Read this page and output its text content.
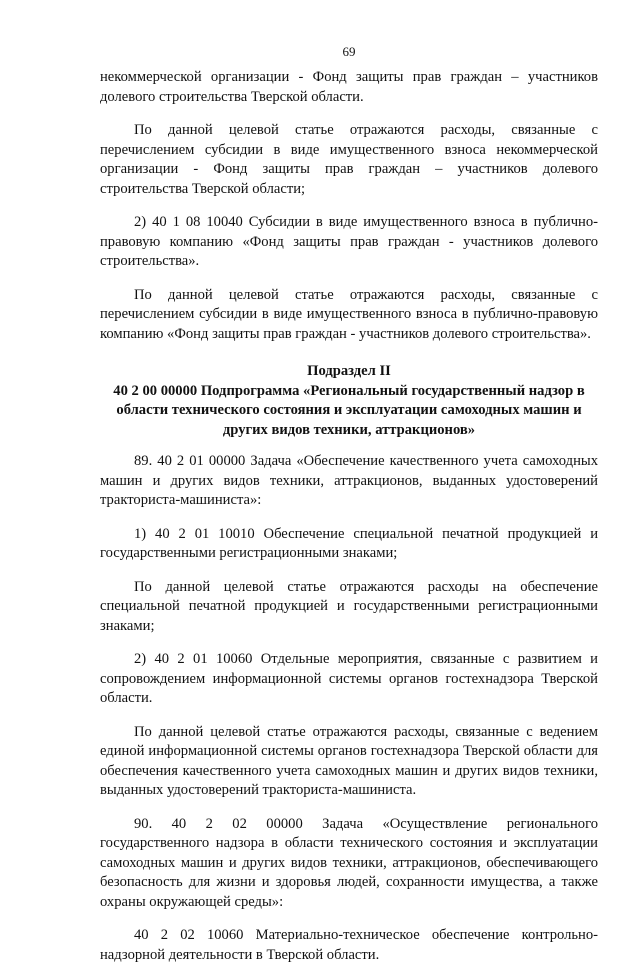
69

некоммерческой организации - Фонд защиты прав граждан – участников долевого строительства Тверской области.

По данной целевой статье отражаются расходы, связанные с перечислением субсидии в виде имущественного взноса некоммерческой организации - Фонд защиты прав граждан – участников долевого строительства Тверской области;

2) 40 1 08 10040 Субсидии в виде имущественного взноса в публично-правовую компанию «Фонд защиты прав граждан - участников долевого строительства».

По данной целевой статье отражаются расходы, связанные с перечислением субсидии в виде имущественного взноса в публично-правовую компанию «Фонд защиты прав граждан - участников долевого строительства».

Подраздел II
40 2 00 00000 Подпрограмма «Региональный государственный надзор в области технического состояния и эксплуатации самоходных машин и других видов техники, аттракционов»

89. 40 2 01 00000 Задача «Обеспечение качественного учета самоходных машин и других видов техники, аттракционов, выданных удостоверений тракториста-машиниста»:

1) 40 2 01 10010 Обеспечение специальной печатной продукцией и государственными регистрационными знаками;

По данной целевой статье отражаются расходы на обеспечение специальной печатной продукцией и государственными регистрационными знаками;

2) 40 2 01 10060 Отдельные мероприятия, связанные с развитием и сопровождением информационной системы органов гостехнадзора Тверской области.

По данной целевой статье отражаются расходы, связанные с ведением единой информационной системы органов гостехнадзора Тверской области для обеспечения качественного учета самоходных машин и других видов техники, выданных удостоверений тракториста-машиниста.

90. 40 2 02 00000 Задача «Осуществление регионального государственного надзора в области технического состояния и эксплуатации самоходных машин и других видов техники, аттракционов, обеспечивающего безопасность для жизни и здоровья людей, сохранности имущества, а также охраны окружающей среды»:

40 2 02 10060 Материально-техническое обеспечение контрольно-надзорной деятельности в Тверской области.
